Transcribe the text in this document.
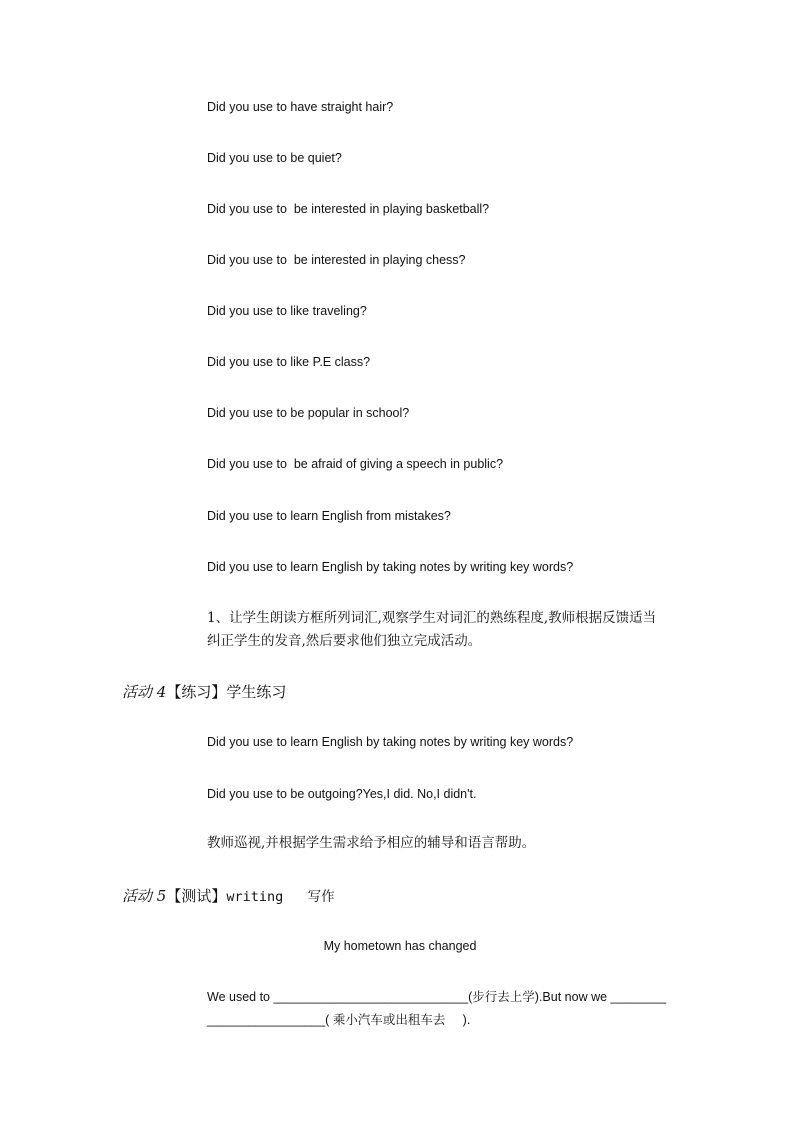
Did you use to have straight hair?
Did you use to be quiet?
Did you use to  be interested in playing basketball?
Did you use to  be interested in playing chess?
Did you use to like traveling?
Did you use to like P.E class?
Did you use to be popular in school?
Did you use to  be afraid of giving a speech in public?
Did you use to learn English from mistakes?
Did you use to learn English by taking notes by writing key words?
1、让学生朗读方框所列词汇,观察学生对词汇的熟练程度,教师根据反馈适当
纠正学生的发音,然后要求他们独立完成活动。
活动 4【练习】学生练习
Did you use to learn English by taking notes by writing key words?
Did you use to be outgoing?Yes,I did. No,I didn't.
教师巡视,并根据学生需求给予相应的辅导和语言帮助。
活动 5【测试】writing   写作
My hometown has changed
We used to ____________________________(步行去上学).But now we ________
_________________( 乘小汽车或出租车去     ).
